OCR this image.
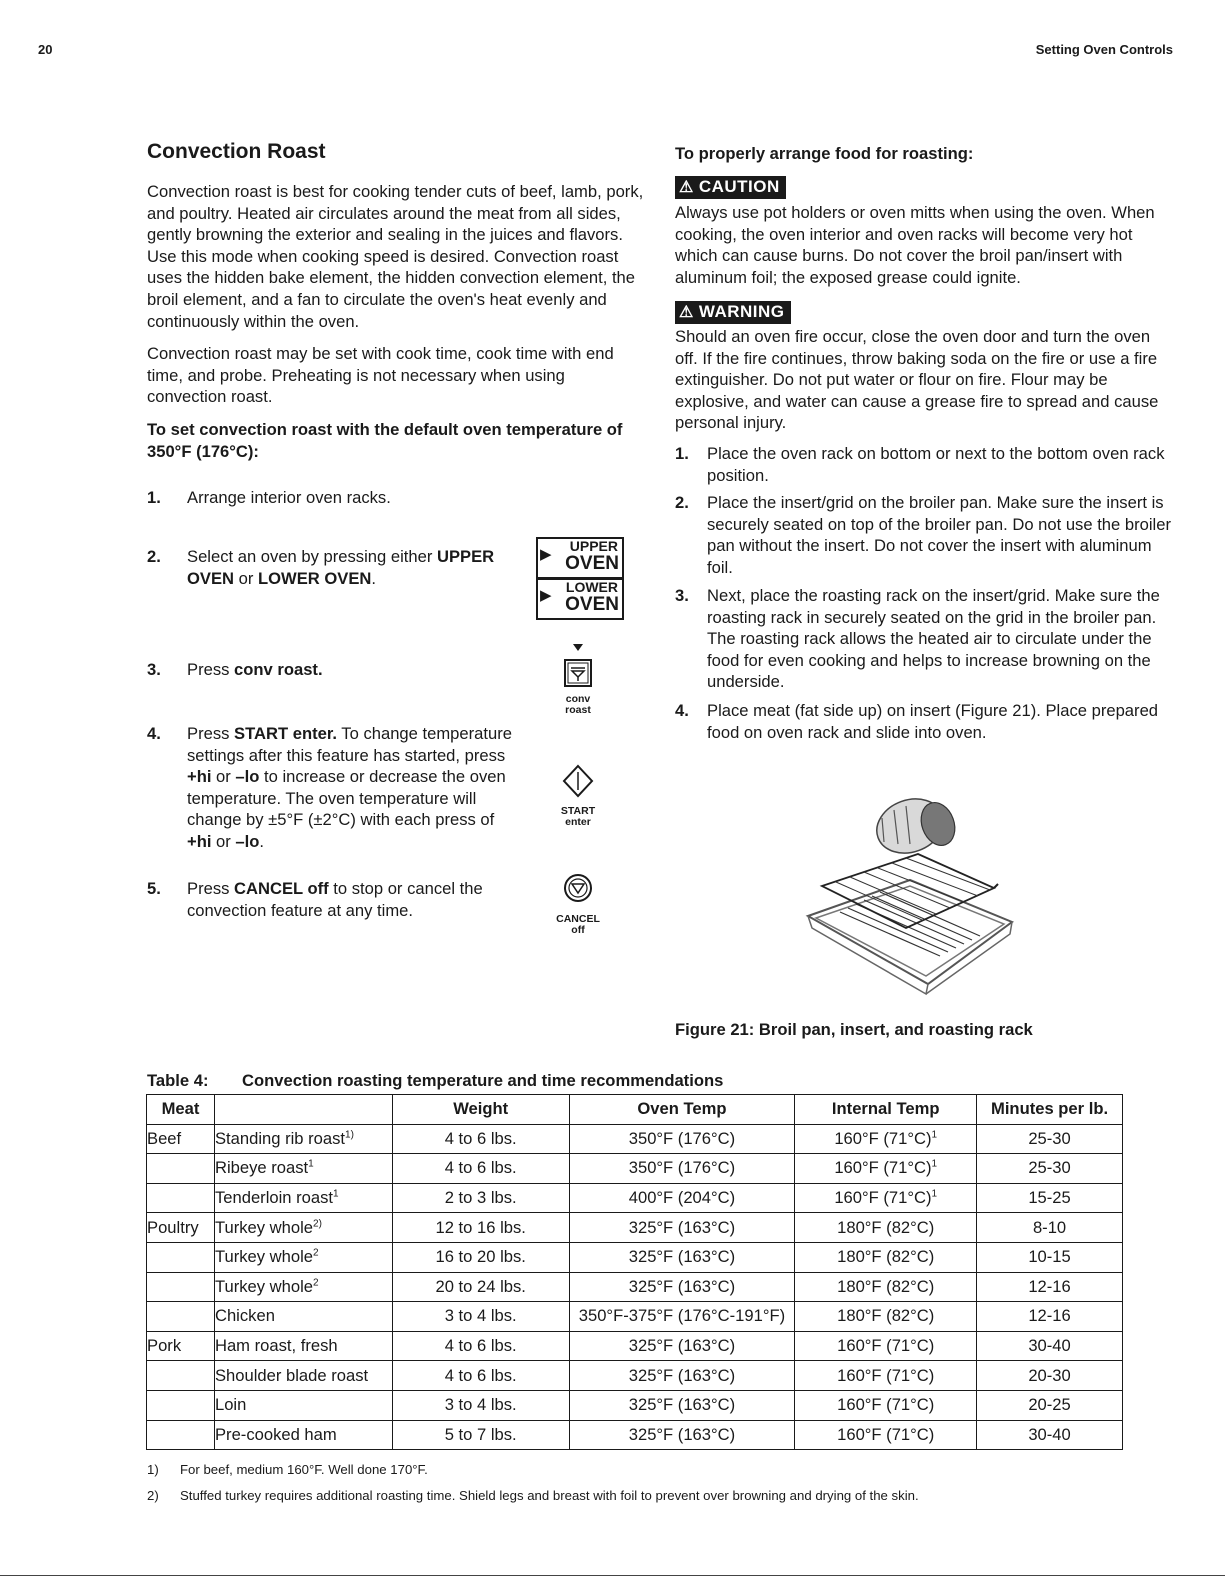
20	Setting Oven Controls
Convection Roast
Convection roast is best for cooking tender cuts of beef, lamb, pork, and poultry. Heated air circulates around the meat from all sides, gently browning the exterior and sealing in the juices and flavors. Use this mode when cooking speed is desired. Convection roast uses the hidden bake element, the hidden convection element, the broil element, and a fan to circulate the oven's heat evenly and continuously within the oven.
Convection roast may be set with cook time, cook time with end time, and probe. Preheating is not necessary when using convection roast.
To set convection roast with the default oven temperature of 350°F (176°C):
1.	Arrange interior oven racks.
2.	Select an oven by pressing either UPPER OVEN or LOWER OVEN.
3.	Press conv roast.
4.	Press START enter. To change temperature settings after this feature has started, press +hi or –lo to increase or decrease the oven temperature. The oven temperature will change by ±5°F (±2°C) with each press of +hi or –lo.
5.	Press CANCEL off to stop or cancel the convection feature at any time.
▶ UPPER
OVEN
▶ LOWER
OVEN
conv
roast
START
enter
CANCEL
off
To properly arrange food for roasting:
⚠ CAUTION
Always use pot holders or oven mitts when using the oven. When cooking, the oven interior and oven racks will become very hot which can cause burns. Do not cover the broil pan/insert with aluminum foil; the exposed grease could ignite.
⚠ WARNING
Should an oven fire occur, close the oven door and turn the oven off. If the fire continues, throw baking soda on the fire or use a fire extinguisher. Do not put water or flour on fire. Flour may be explosive, and water can cause a grease fire to spread and cause personal injury.
1.	Place the oven rack on bottom or next to the bottom oven rack position.
2.	Place the insert/grid on the broiler pan. Make sure the insert is securely seated on top of the broiler pan. Do not use the broiler pan without the insert. Do not cover the insert with aluminum foil.
3.	Next, place the roasting rack on the insert/grid. Make sure the roasting rack in securely seated on the grid in the broiler pan. The roasting rack allows the heated air to circulate under the food for even cooking and helps to increase browning on the underside.
4.	Place meat (fat side up) on insert (Figure 21). Place prepared food on oven rack and slide into oven.
Figure 21: Broil pan, insert, and roasting rack
Table 4: Convection roasting temperature and time recommendations
Meat		Weight	Oven Temp	Internal Temp	Minutes per lb.
Beef	Standing rib roast$^{1)}$	4 to 6 lbs.	350°F (176°C)	160°F $(71^\circ C)^1$	25-30
	Ribeye roast$^1$	4 to 6 lbs.	350°F (176°C)	160°F $(71^\circ C)^1$	25-30
	Tenderloin roast$^1$	2 to 3 lbs.	400°F (204°C)	160°F $(71^\circ C)^1$	15-25
Poultry	Turkey whole$^{2)}$	12 to 16 lbs.	325°F (163°C)	180°F (82°C)	8-10
	Turkey whole$^2$	16 to 20 lbs.	325°F (163°C)	180°F (82°C)	10-15
	Turkey whole$^2$	20 to 24 lbs.	325°F (163°C)	180°F (82°C)	12-16
	Chicken	3 to 4 lbs.	350°F-375°F (176°C-191°F)	180°F (82°C)	12-16
Pork	Ham roast, fresh	4 to 6 lbs.	325°F (163°C)	160°F (71°C)	30-40
	Shoulder blade roast	4 to 6 lbs.	325°F (163°C)	160°F (71°C)	20-30
	Loin	3 to 4 lbs.	325°F (163°C)	160°F (71°C)	20-25
	Pre-cooked ham	5 to 7 lbs.	325°F (163°C)	160°F (71°C)	30-40
1) For beef, medium 160°F. Well done 170°F.
2) Stuffed turkey requires additional roasting time. Shield legs and breast with foil to prevent over browning and drying of the skin.
